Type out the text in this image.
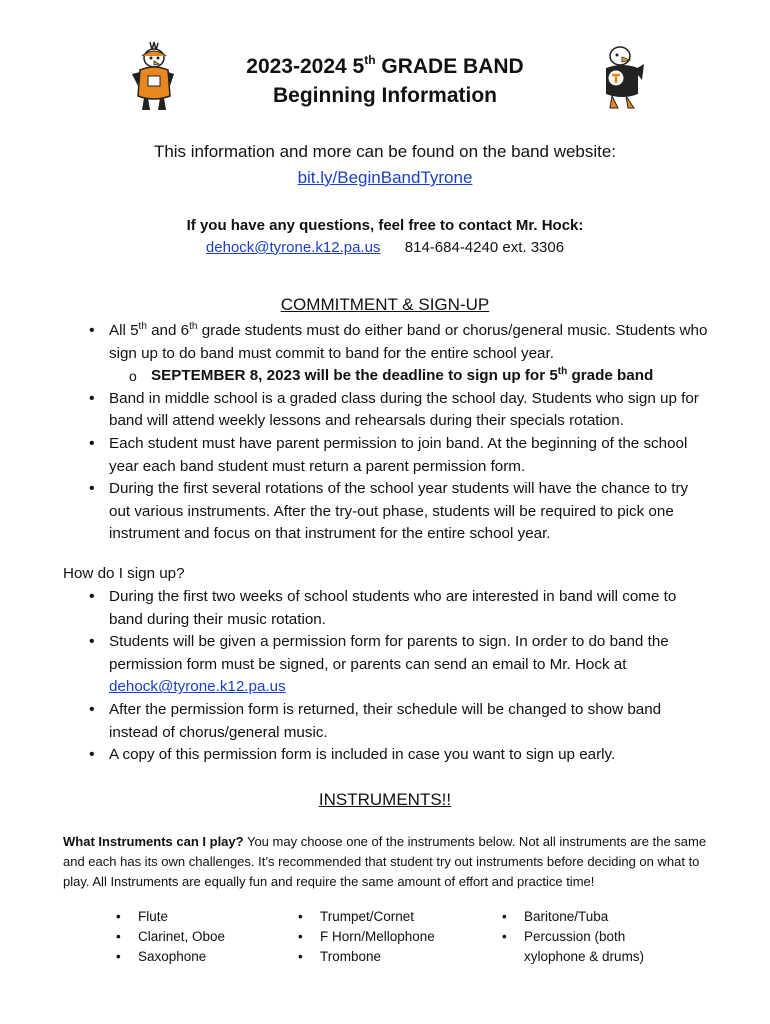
2023-2024 5th GRADE BAND
Beginning Information
This information and more can be found on the band website:
bit.ly/BeginBandTyrone
If you have any questions, feel free to contact Mr. Hock:
dehock@tyrone.k12.pa.us 814-684-4240 ext. 3306
COMMITMENT & SIGN-UP
• All 5th and 6th grade students must do either band or chorus/general music. Students who sign up to do band must commit to band for the entire school year.
o SEPTEMBER 8, 2023 will be the deadline to sign up for 5th grade band
• Band in middle school is a graded class during the school day. Students who sign up for band will attend weekly lessons and rehearsals during their specials rotation.
• Each student must have parent permission to join band. At the beginning of the school year each band student must return a parent permission form.
• During the first several rotations of the school year students will have the chance to try out various instruments. After the try-out phase, students will be required to pick one instrument and focus on that instrument for the entire school year.
How do I sign up?
• During the first two weeks of school students who are interested in band will come to band during their music rotation.
• Students will be given a permission form for parents to sign. In order to do band the permission form must be signed, or parents can send an email to Mr. Hock at
dehock@tyrone.k12.pa.us
• After the permission form is returned, their schedule will be changed to show band instead of chorus/general music.
• A copy of this permission form is included in case you want to sign up early.
INSTRUMENTS!!
What Instruments can I play? You may choose one of the instruments below. Not all instruments are the same and each has its own challenges. It’s recommended that student try out instruments before deciding on what to play. All Instruments are equally fun and require the same amount of effort and practice time!
• Flute
• Clarinet, Oboe
• Saxophone
• Trumpet/Cornet
• F Horn/Mellophone
• Trombone
• Baritone/Tuba
• Percussion (both
xylophone & drums)
